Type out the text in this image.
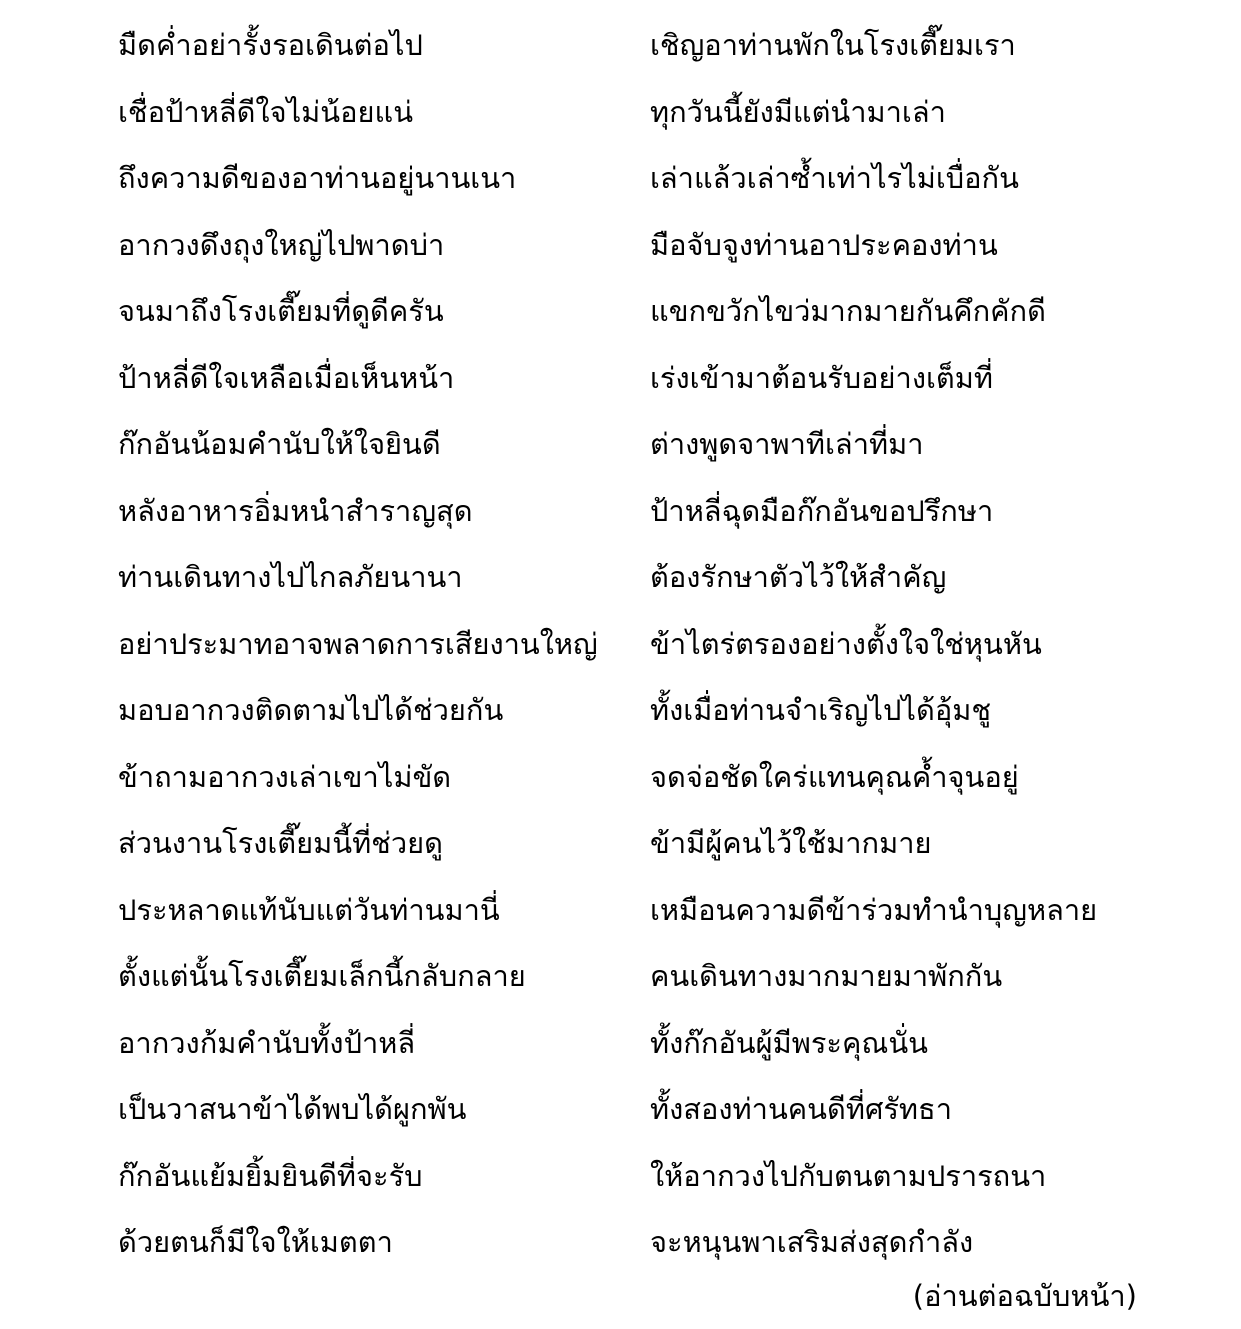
มืดค่ำอย่ารั้งรอเดินต่อไป	เชิญอาท่านพักในโรงเตี๊ยมเรา
เชื่อป้าหลี่ดีใจไม่น้อยแน่	ทุกวันนี้ยังมีแต่นำมาเล่า
ถึงความดีของอาท่านอยู่นานเนา	เล่าแล้วเล่าซ้ำเท่าไรไม่เบื่อกัน
อากวงดึงถุงใหญ่ไปพาดบ่า	มือจับจูงท่านอาประคองท่าน
จนมาถึงโรงเตี๊ยมที่ดูดีครัน	แขกขวักไขว่มากมายกันคึกคักดี
ป้าหลี่ดีใจเหลือเมื่อเห็นหน้า	เร่งเข้ามาต้อนรับอย่างเต็มที่
ก๊กอันน้อมคำนับให้ใจยินดี	ต่างพูดจาพาทีเล่าที่มา
หลังอาหารอิ่มหนำสำราญสุด	ป้าหลี่ฉุดมือก๊กอันขอปรึกษา
ท่านเดินทางไปไกลภัยนานา	ต้องรักษาตัวไว้ให้สำคัญ
อย่าประมาทอาจพลาดการเสียงานใหญ่	ข้าไตร่ตรองอย่างตั้งใจใช่หุนหัน
มอบอากวงติดตามไปได้ช่วยกัน	ทั้งเมื่อท่านจำเริญไปได้อุ้มชู
ข้าถามอากวงเล่าเขาไม่ขัด	จดจ่อชัดใคร่แทนคุณค้ำจุนอยู่
ส่วนงานโรงเตี๊ยมนี้ที่ช่วยดู	ข้ามีผู้คนไว้ใช้มากมาย
ประหลาดแท้นับแต่วันท่านมานี่	เหมือนความดีข้าร่วมทำนำบุญหลาย
ตั้งแต่นั้นโรงเตี๊ยมเล็กนี้กลับกลาย	คนเดินทางมากมายมาพักกัน
อากวงก้มคำนับทั้งป้าหลี่	ทั้งก๊กอันผู้มีพระคุณนั่น
เป็นวาสนาข้าได้พบได้ผูกพัน	ทั้งสองท่านคนดีที่ศรัทธา
ก๊กอันแย้มยิ้มยินดีที่จะรับ	ให้อากวงไปกับตนตามปรารถนา
ด้วยตนก็มีใจให้เมตตา	จะหนุนพาเสริมส่งสุดกำลัง
(อ่านต่อฉบับหน้า)
